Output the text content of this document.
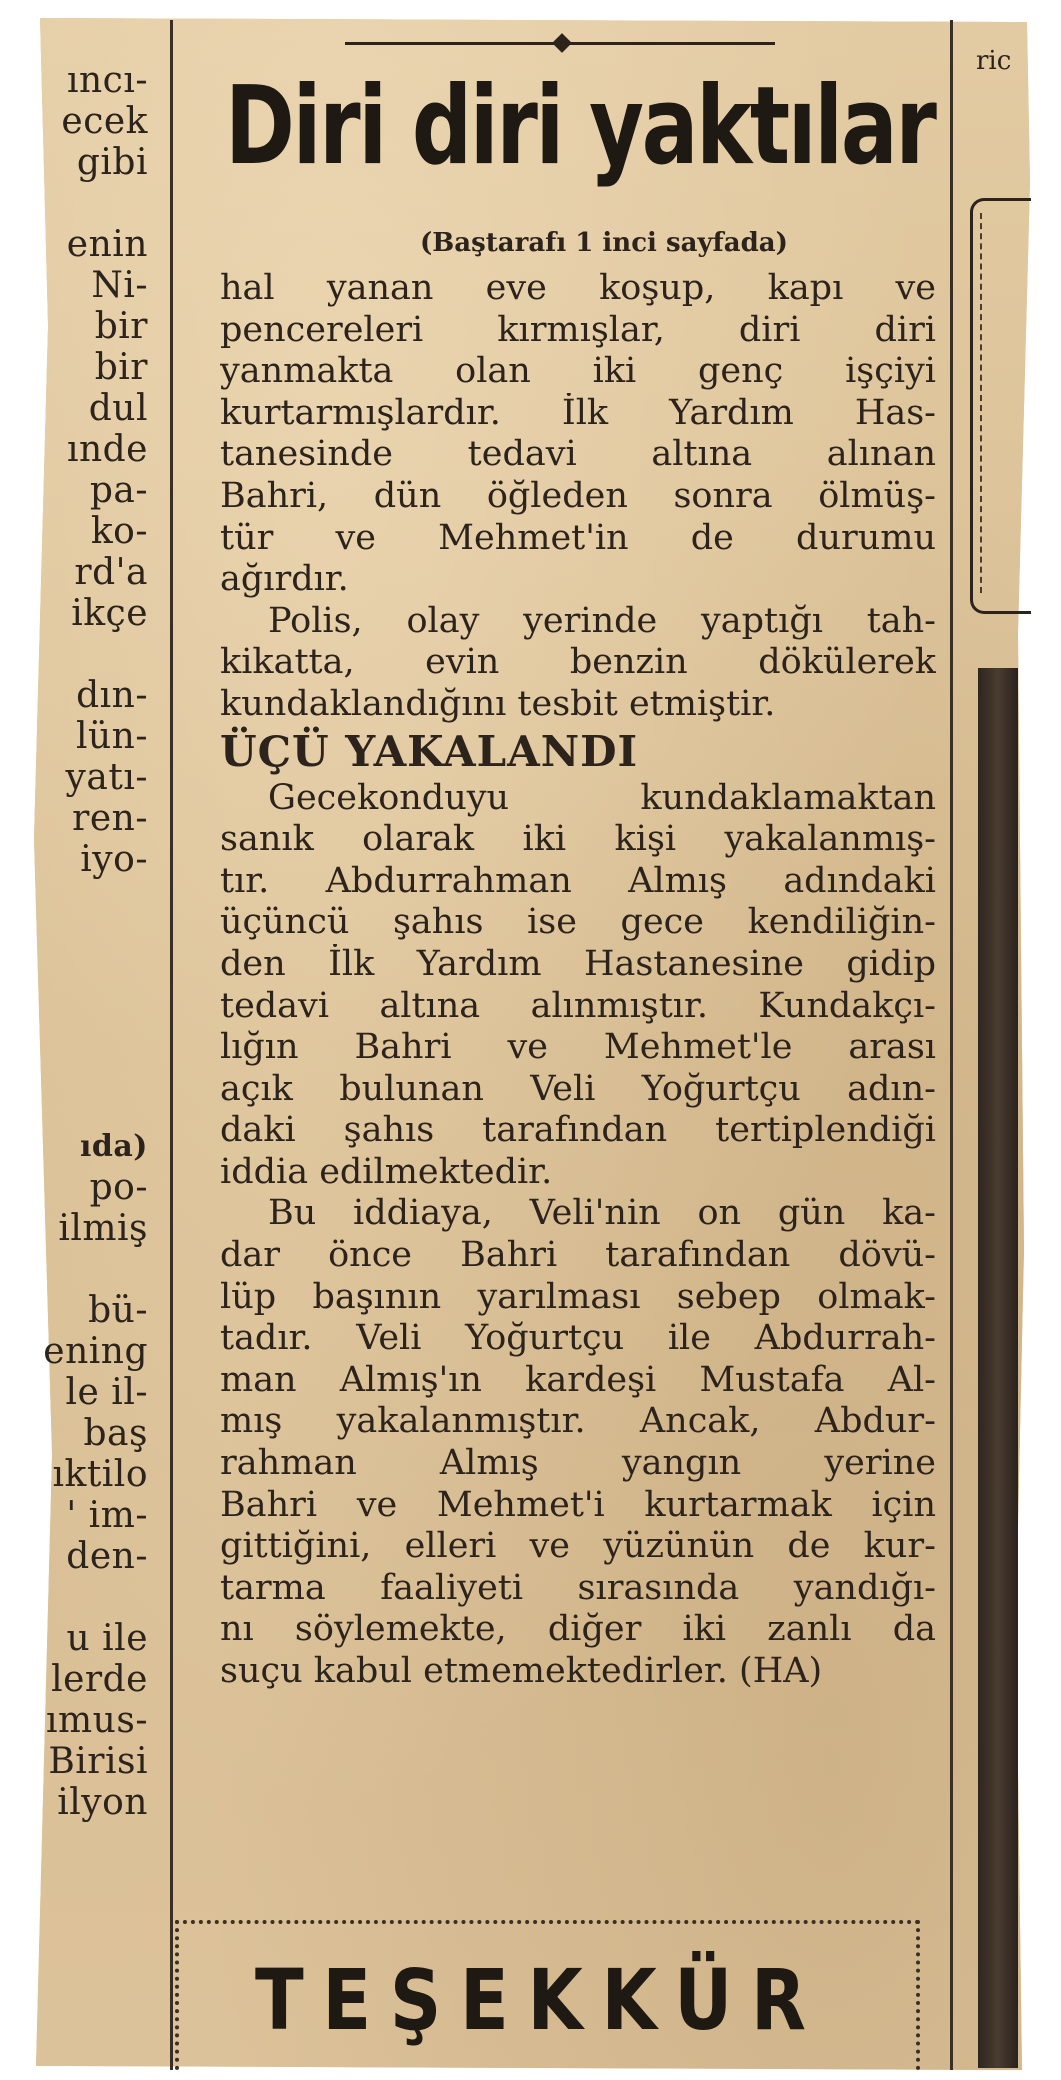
ıncı-
ecek
gibi
enin
Ni-
bir
bir
dul
ınde
pa-
ko-
rd'a
ikçe
dın-
lün-
yatı-
ren-
iyo-
ıda)
po-
ilmiş
bü-
ening
le il-
baş
ıktilo
' im-
den-
u ile
lerde
ımus-
Birisi
ilyon
Diri diri yaktılar
(Baştarafı 1 inci sayfada)
hal yanan eve koşup, kapı ve
pencereleri kırmışlar, diri diri
yanmakta olan iki genç işçiyi
kurtarmışlardır. İlk Yardım Has-
tanesinde tedavi altına alınan
Bahri, dün öğleden sonra ölmüş-
tür ve Mehmet'in de durumu
ağırdır.
Polis, olay yerinde yaptığı tah-
kikatta, evin benzin dökülerek
kundaklandığını tesbit etmiştir.
ÜÇÜ YAKALANDI
Gecekonduyu kundaklamaktan
sanık olarak iki kişi yakalanmış-
tır. Abdurrahman Almış adındaki
üçüncü şahıs ise gece kendiliğin-
den İlk Yardım Hastanesine gidip
tedavi altına alınmıştır. Kundakçı-
lığın Bahri ve Mehmet'le arası
açık bulunan Veli Yoğurtçu adın-
daki şahıs tarafından tertiplendiği
iddia edilmektedir.
Bu iddiaya, Veli'nin on gün ka-
dar önce Bahri tarafından dövü-
lüp başının yarılması sebep olmak-
tadır. Veli Yoğurtçu ile Abdurrah-
man Almış'ın kardeşi Mustafa Al-
mış yakalanmıştır. Ancak, Abdur-
rahman Almış yangın yerine
Bahri ve Mehmet'i kurtarmak için
gittiğini, elleri ve yüzünün de kur-
tarma faaliyeti sırasında yandığı-
nı söylemekte, diğer iki zanlı da
suçu kabul etmemektedirler. (HA)
ric
TEŞEKKÜR
